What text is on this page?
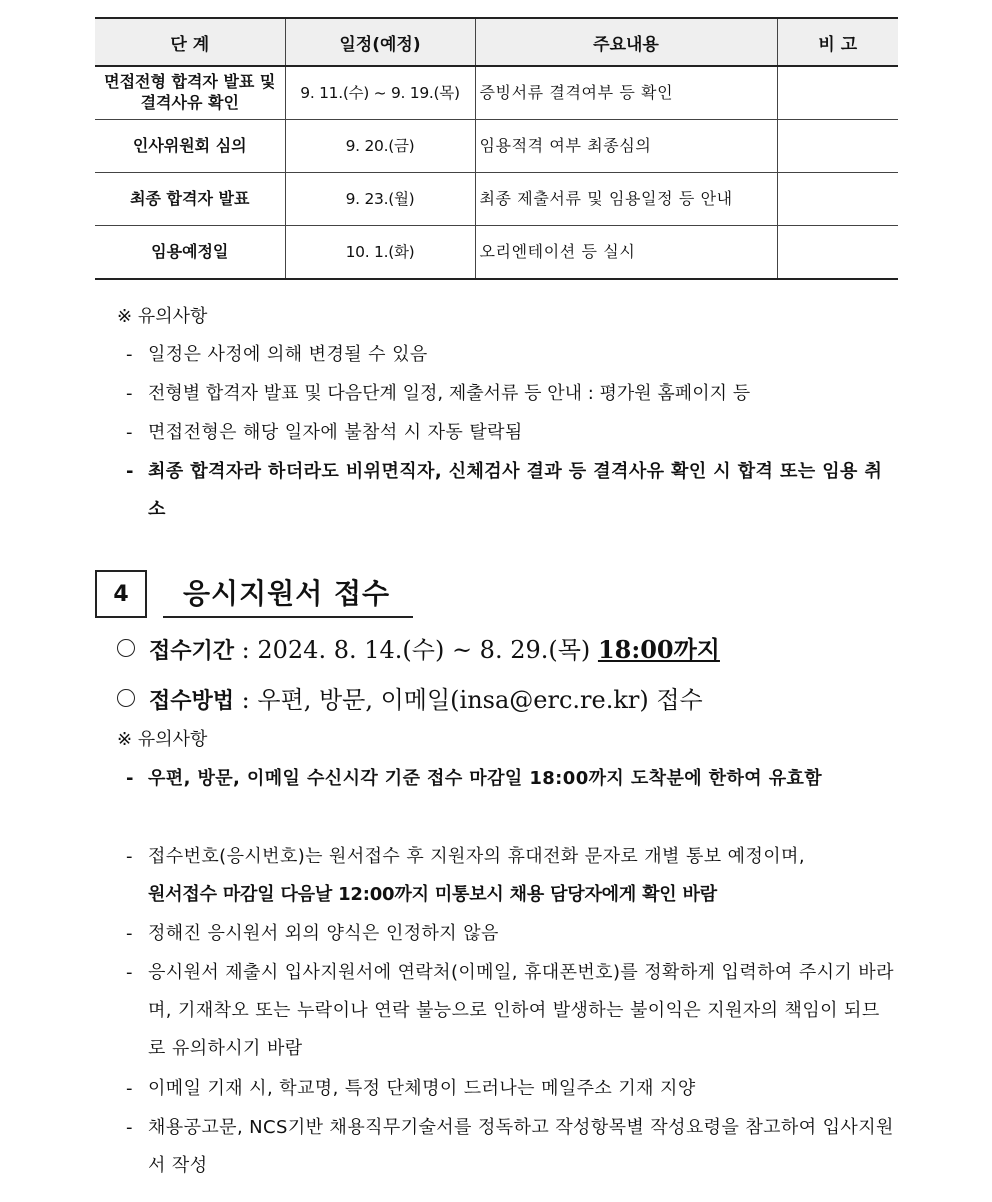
단 계	일정(예정)	주요내용	비 고
면접전형 합격자 발표 및 결격사유 확인	9. 11.(수) ~ 9. 19.(목)	증빙서류 결격여부 등 확인	
인사위원회 심의	9. 20.(금)	임용적격 여부 최종심의	
최종 합격자 발표	9. 23.(월)	최종 제출서류 및 임용일정 등 안내	
임용예정일	10. 1.(화)	오리엔테이션 등 실시	
※ 유의사항
- 일정은 사정에 의해 변경될 수 있음
- 전형별 합격자 발표 및 다음단계 일정, 제출서류 등 안내 : 평가원 홈페이지 등
- 면접전형은 해당 일자에 불참석 시 자동 탈락됨
- 최종 합격자라 하더라도 비위면직자, 신체검사 결과 등 결격사유 확인 시 합격 또는 임용 취소
4	응시지원서 접수
접수기간 : 2024. 8. 14.(수) ~ 8. 29.(목) 18:00까지
접수방법 : 우편, 방문, 이메일(insa@erc.re.kr) 접수
※ 유의사항
- 우편, 방문, 이메일 수신시각 기준 접수 마감일 18:00까지 도착분에 한하여 유효함
- 접수번호(응시번호)는 원서접수 후 지원자의 휴대전화 문자로 개별 통보 예정이며,
원서접수 마감일 다음날 12:00까지 미통보시 채용 담당자에게 확인 바람
- 정해진 응시원서 외의 양식은 인정하지 않음
- 응시원서 제출시 입사지원서에 연락처(이메일, 휴대폰번호)를 정확하게 입력하여 주시기 바라며, 기재착오 또는 누락이나 연락 불능으로 인하여 발생하는 불이익은 지원자의 책임이 되므로 유의하시기 바람
- 이메일 기재 시, 학교명, 특정 단체명이 드러나는 메일주소 기재 지양
- 채용공고문, NCS기반 채용직무기술서를 정독하고 작성항목별 작성요령을 참고하여 입사지원서 작성
